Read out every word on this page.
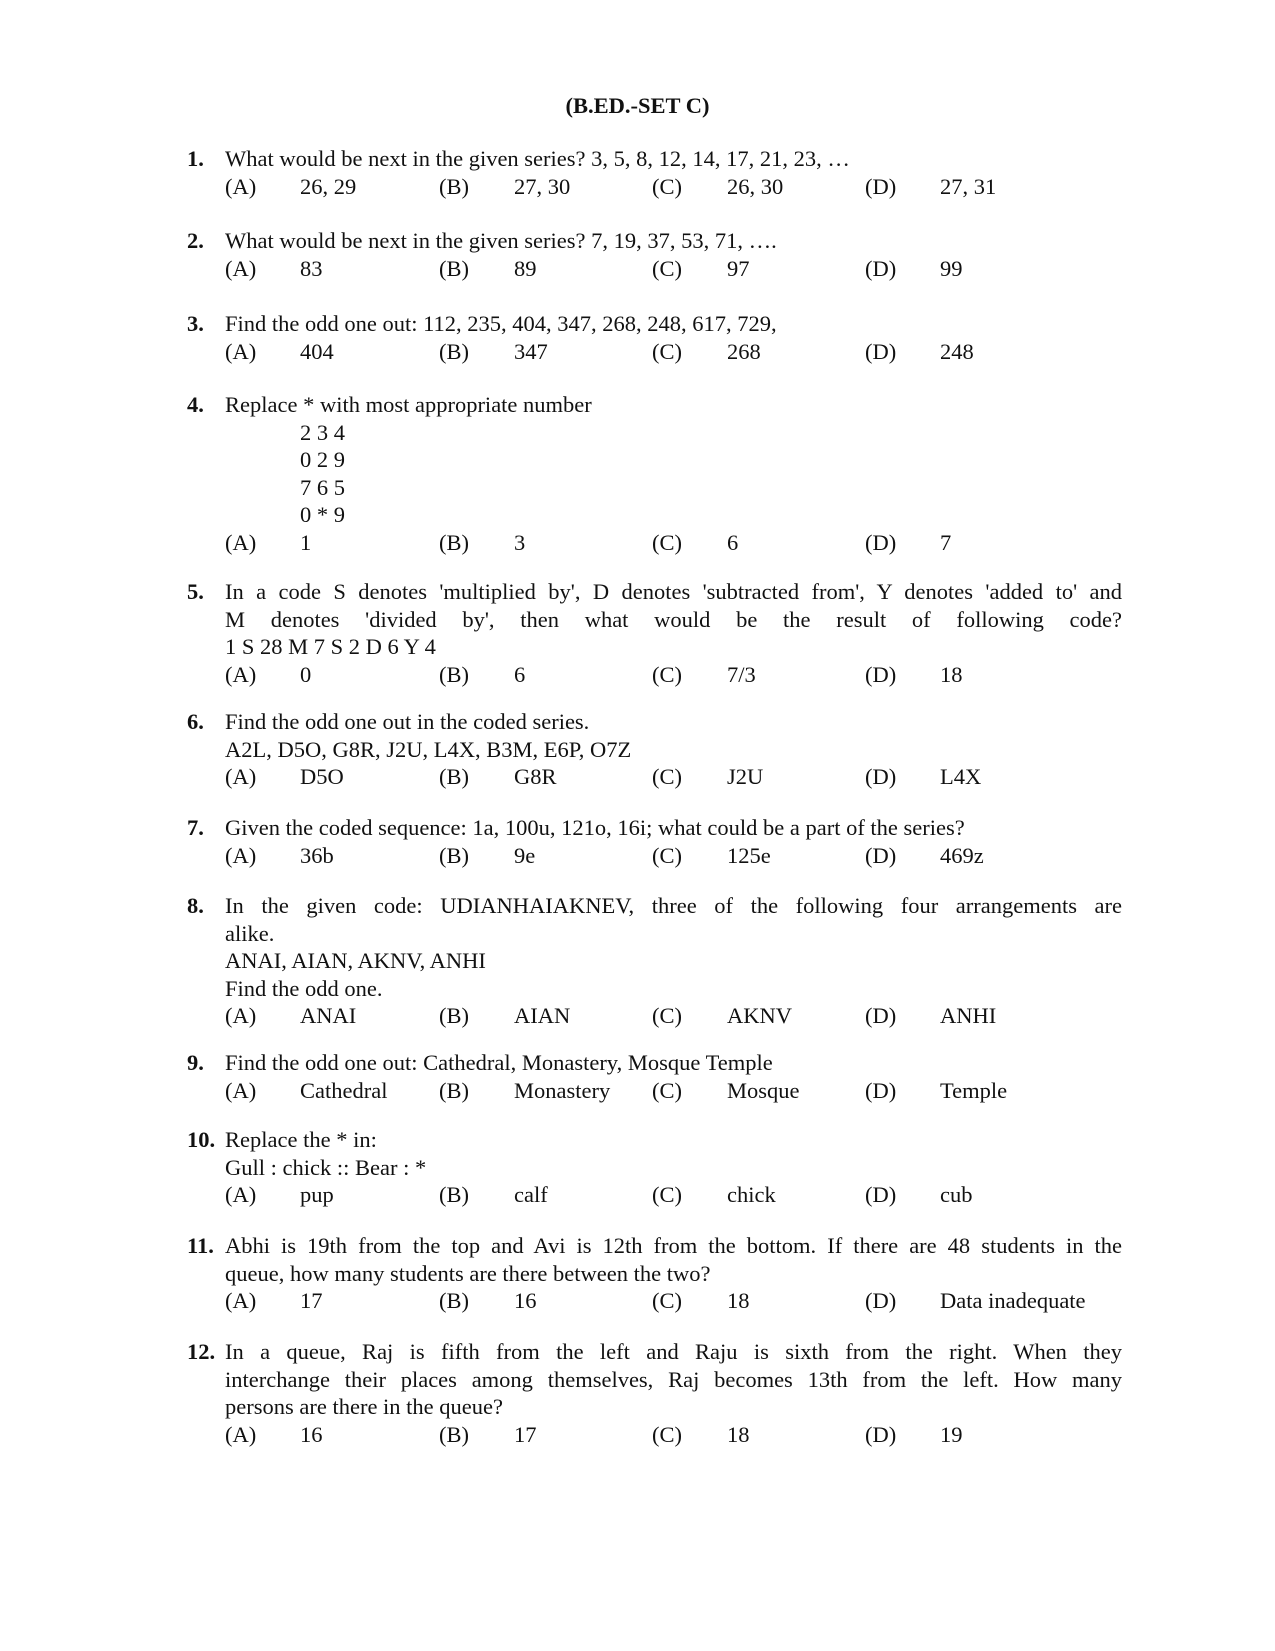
(B.ED.-SET C)
1. What would be next in the given series? 3, 5, 8, 12, 14, 17, 21, 23, …
(A) 26, 29	(B) 27, 30	(C) 26, 30	(D) 27, 31
2. What would be next in the given series? 7, 19, 37, 53, 71, ….
(A) 83	(B) 89	(C) 97	(D) 99
3. Find the odd one out: 112, 235, 404, 347, 268, 248, 617, 729,
(A) 404	(B) 347	(C) 268	(D) 248
4. Replace * with most appropriate number
2 3 4
0 2 9
7 6 5
0 * 9
(A) 1	(B) 3	(C) 6	(D) 7
5. In a code S denotes 'multiplied by', D denotes 'subtracted from', Y denotes 'added to' and
M denotes 'divided by', then what would be the result of following code?
1 S 28 M 7 S 2 D 6 Y 4
(A) 0	(B) 6	(C) 7/3	(D) 18
6. Find the odd one out in the coded series.
A2L, D5O, G8R, J2U, L4X, B3M, E6P, O7Z
(A) D5O	(B) G8R	(C) J2U	(D) L4X
7. Given the coded sequence: 1a, 100u, 121o, 16i; what could be a part of the series?
(A) 36b	(B) 9e	(C) 125e	(D) 469z
8. In the given code: UDIANHAIAKNEV, three of the following four arrangements are
alike.
ANAI, AIAN, AKNV, ANHI
Find the odd one.
(A) ANAI	(B) AIAN	(C) AKNV	(D) ANHI
9. Find the odd one out: Cathedral, Monastery, Mosque Temple
(A) Cathedral (B) Monastery (C) Mosque	(D) Temple
10. Replace the * in:
Gull : chick :: Bear : *
(A) pup	(B) calf	(C) chick	(D) cub
11. Abhi is 19th from the top and Avi is 12th from the bottom. If there are 48 students in the
queue, how many students are there between the two?
(A) 17	(B) 16	(C) 18	(D) Data inadequate
12. In a queue, Raj is fifth from the left and Raju is sixth from the right. When they
interchange their places among themselves, Raj becomes 13th from the left. How many
persons are there in the queue?
(A) 16	(B) 17	(C) 18	(D) 19
